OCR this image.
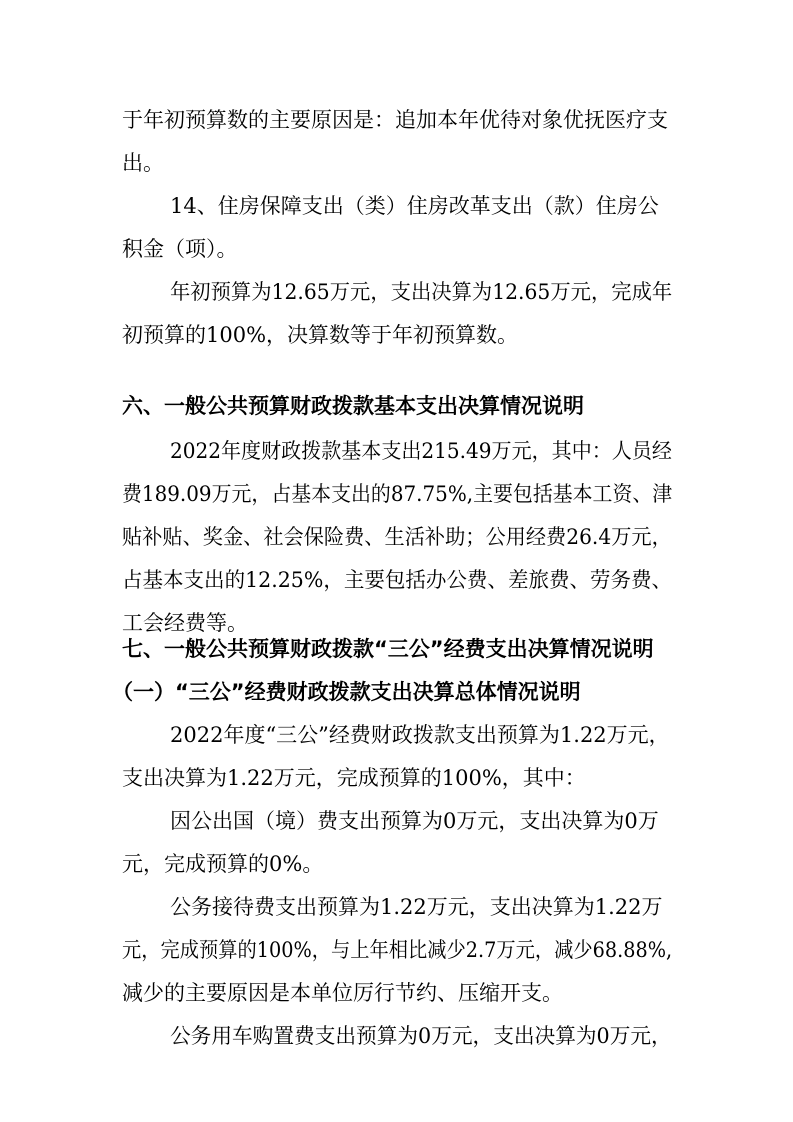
于年初预算数的主要原因是：追加本年优待对象优抚医疗支
出。
14、住房保障支出（类）住房改革支出（款）住房公
积金（项）。
年初预算为12.65万元，支出决算为12.65万元，完成年
初预算的100%，决算数等于年初预算数。
六、一般公共预算财政拨款基本支出决算情况说明
2022年度财政拨款基本支出215.49万元，其中：人员经
费189.09万元，占基本支出的87.75%,主要包括基本工资、津
贴补贴、奖金、社会保险费、生活补助；公用经费26.4万元，
占基本支出的12.25%，主要包括办公费、差旅费、劳务费、
工会经费等。
七、一般公共预算财政拨款“三公”经费支出决算情况说明
（一）“三公”经费财政拨款支出决算总体情况说明
2022年度“三公”经费财政拨款支出预算为1.22万元，
支出决算为1.22万元，完成预算的100%，其中：
因公出国（境）费支出预算为0万元，支出决算为0万
元，完成预算的0%。
公务接待费支出预算为1.22万元，支出决算为1.22万
元，完成预算的100%，与上年相比减少2.7万元，减少68.88%,
减少的主要原因是本单位厉行节约、压缩开支。
公务用车购置费支出预算为0万元，支出决算为0万元，
